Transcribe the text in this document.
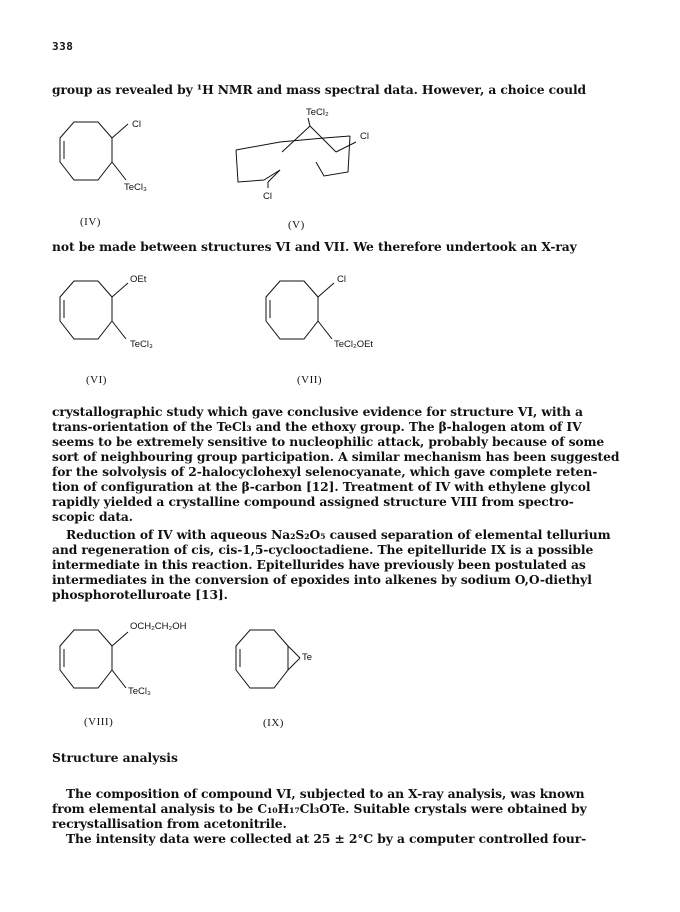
338
group as revealed by ¹H NMR and mass spectral data. However, a choice could
Cl
TeCl₃
(IV)
TeCl₂
Cl
Cl
(V)
not be made between structures VI and VII. We therefore undertook an X-ray
OEt
TeCl₃
(VI)
Cl
TeCl₂OEt
(VII)
crystallographic study which gave conclusive evidence for structure VI, with a
trans-orientation of the TeCl₃ and the ethoxy group. The β-halogen atom of IV
seems to be extremely sensitive to nucleophilic attack, probably because of some
sort of neighbouring group participation. A similar mechanism has been suggested
for the solvolysis of 2-halocyclohexyl selenocyanate, which gave complete reten-
tion of configuration at the β-carbon [12]. Treatment of IV with ethylene glycol
rapidly yielded a crystalline compound assigned structure VIII from spectro-
scopic data.
Reduction of IV with aqueous Na₂S₂O₅ caused separation of elemental tellurium
and regeneration of cis, cis-1,5-cyclooctadiene. The epitelluride IX is a possible
intermediate in this reaction. Epitellurides have previously been postulated as
intermediates in the conversion of epoxides into alkenes by sodium O,O-diethyl
phosphorotelluroate [13].
OCH₂CH₂OH
TeCl₃
(VIII)
Te
(IX)
Structure analysis
The composition of compound VI, subjected to an X-ray analysis, was known
from elemental analysis to be C₁₀H₁₇Cl₃OTe. Suitable crystals were obtained by
recrystallisation from acetonitrile.
The intensity data were collected at 25 ± 2°C by a computer controlled four-
